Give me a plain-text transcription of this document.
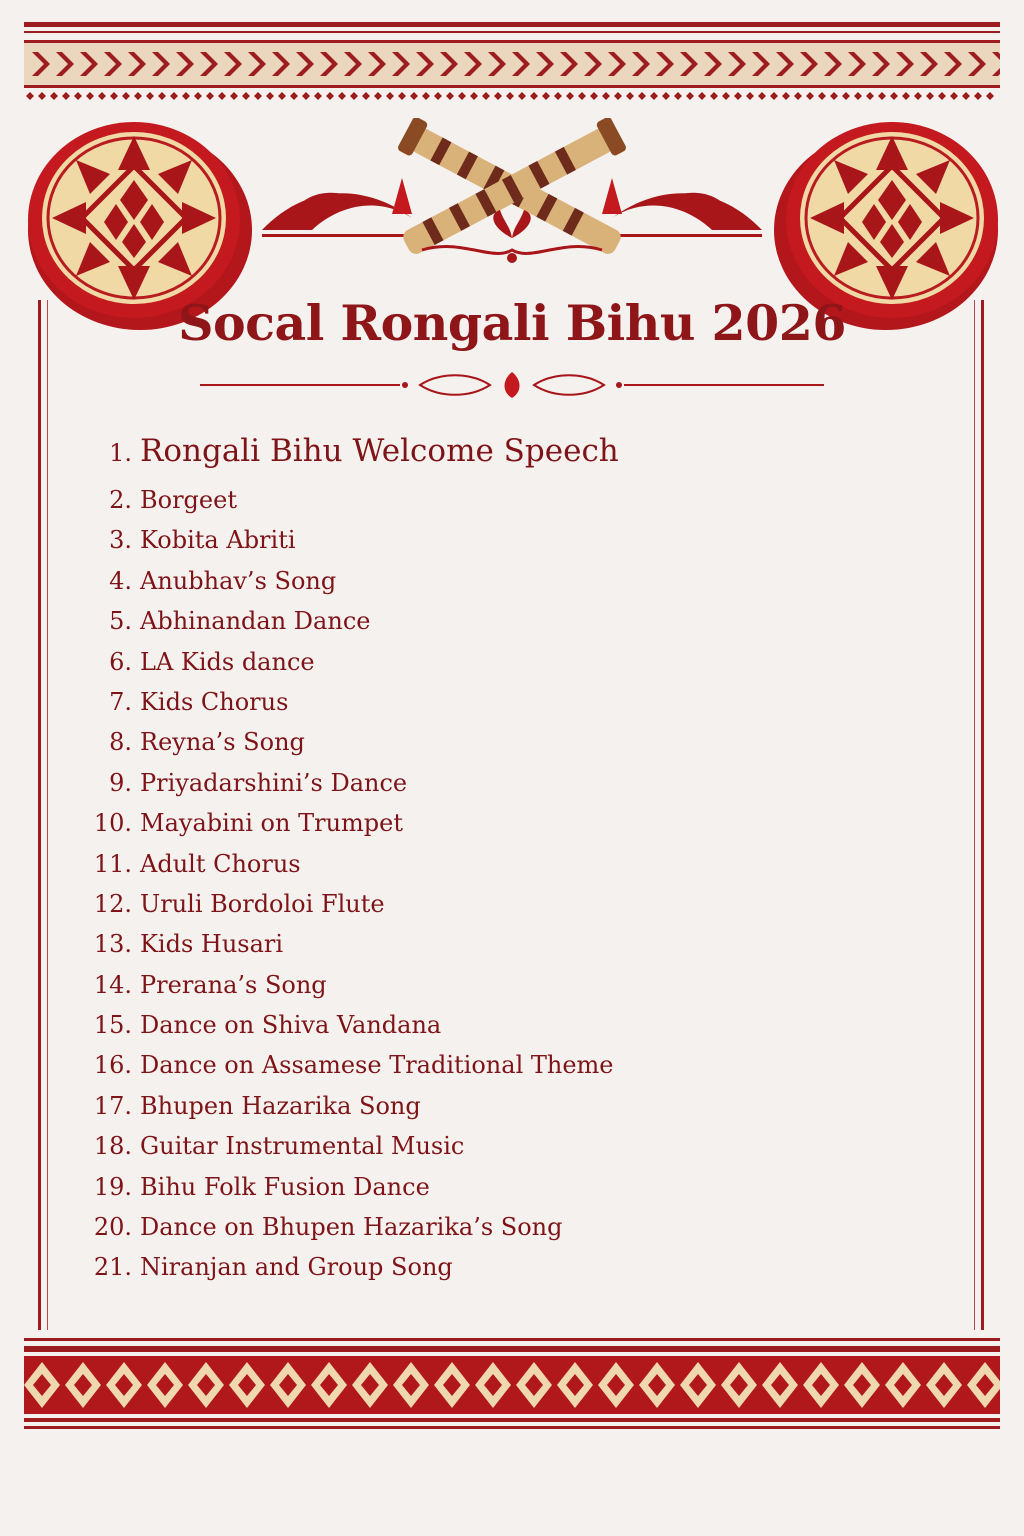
Socal Rongali Bihu 2026
1. Rongali Bihu Welcome Speech
2. Borgeet
3. Kobita Abriti
4. Anubhav’s Song
5. Abhinandan Dance
6. LA Kids dance
7. Kids Chorus
8. Reyna’s Song
9. Priyadarshini’s Dance
10. Mayabini on Trumpet
11. Adult Chorus
12. Uruli Bordoloi Flute
13. Kids Husari
14. Prerana’s Song
15. Dance on Shiva Vandana
16. Dance on Assamese Traditional Theme
17. Bhupen Hazarika Song
18. Guitar Instrumental Music
19. Bihu Folk Fusion Dance
20. Dance on Bhupen Hazarika’s Song
21. Niranjan and Group Song
